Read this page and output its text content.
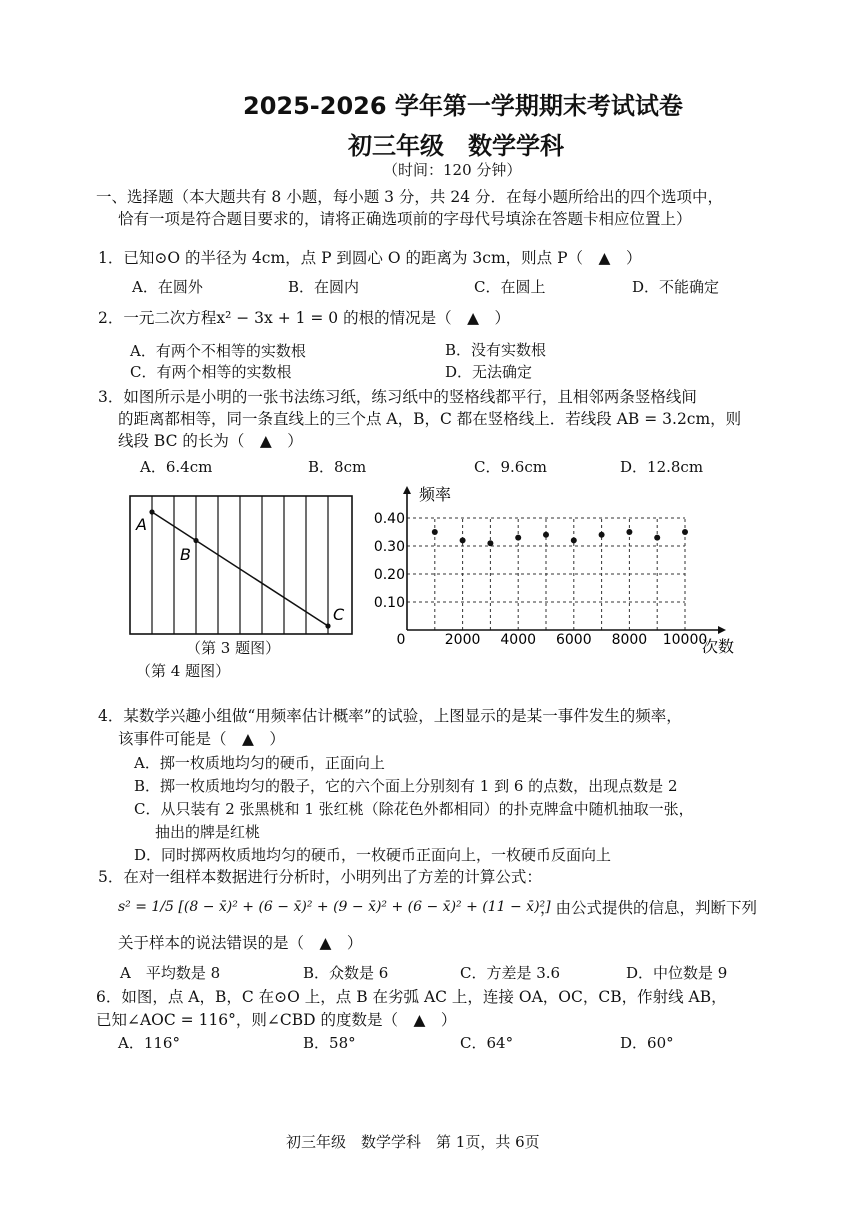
2025-2026 学年第一学期期末考试试卷
初三年级　数学学科
（时间：120 分钟）
一、选择题（本大题共有 8 小题，每小题 3 分，共 24 分．在每小题所给出的四个选项中，
恰有一项是符合题目要求的，请将正确选项前的字母代号填涂在答题卡相应位置上）
1．已知⊙O 的半径为 4cm，点 P 到圆心 O 的距离为 3cm，则点 P（　▲　）
A．在圆外	B．在圆内	C．在圆上	D．不能确定
2．一元二次方程x² − 3x + 1 = 0 的根的情况是（　▲　）
A．有两个不相等的实数根	B．没有实数根
C．有两个相等的实数根	D．无法确定
3．如图所示是小明的一张书法练习纸，练习纸中的竖格线都平行，且相邻两条竖格线间
的距离都相等，同一条直线上的三个点 A，B，C 都在竖格线上．若线段 AB = 3.2cm，则
线段 BC 的长为（　▲　）
A．6.4cm	B．8cm	C．9.6cm	D．12.8cm
A
B
C
（第 3 题图）
（第 4 题图）
频率
次数
0	2000 4000 6000 8000 10000
0.10
0.20
0.30
0.40
4．某数学兴趣小组做“用频率估计概率”的试验，上图显示的是某一事件发生的频率，
该事件可能是（　▲　）
A．掷一枚质地均匀的硬币，正面向上
B．掷一枚质地均匀的骰子，它的六个面上分别刻有 1 到 6 的点数，出现点数是 2
C．从只装有 2 张黑桃和 1 张红桃（除花色外都相同）的扑克牌盒中随机抽取一张，
抽出的牌是红桃
D．同时掷两枚质地均匀的硬币，一枚硬币正面向上，一枚硬币反面向上
5．在对一组样本数据进行分析时，小明列出了方差的计算公式：
s² = 1/5 [(8 − x̄)² + (6 − x̄)² + (9 − x̄)² + (6 − x̄)² + (11 − x̄)²]
，由公式提供的信息，判断下列
关于样本的说法错误的是（　▲　）
A　平均数是 8	B．众数是 6	C．方差是 3.6	D．中位数是 9
6．如图，点 A，B，C 在⊙O 上，点 B 在劣弧 AC 上，连接 OA，OC，CB，作射线 AB，
已知∠AOC = 116°，则∠CBD 的度数是（　▲　）
A．116°	B．58°	C．64°	D．60°
初三年级　数学学科　第 1页，共 6页
